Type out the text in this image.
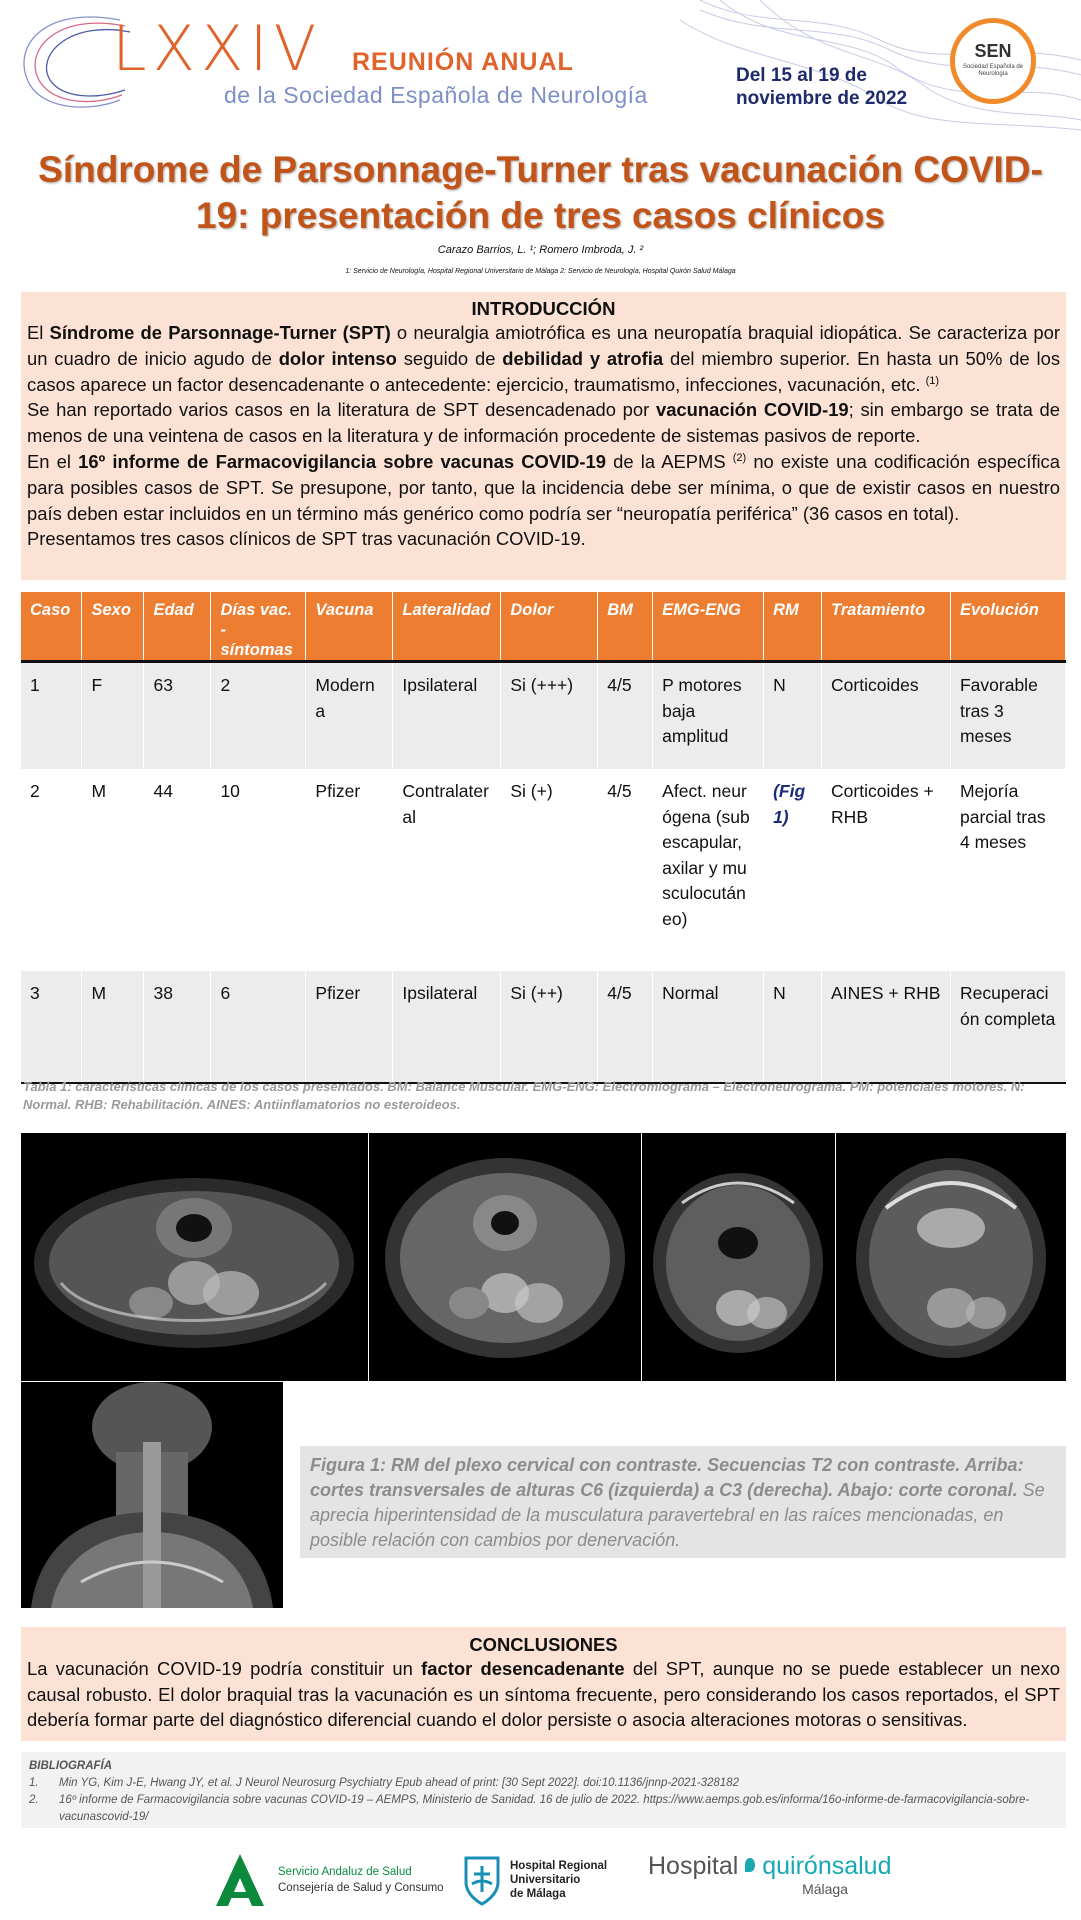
LXXIV REUNIÓN ANUAL
de la Sociedad Española de Neurología
Del 15 al 19 de
noviembre de 2022
SEN
Sociedad Española de Neurología
Síndrome de Parsonnage-Turner tras vacunación COVID-
19: presentación de tres casos clínicos
Carazo Barrios, L. ¹; Romero Imbroda, J. ²
1: Servicio de Neurología, Hospital Regional Universitario de Málaga 2: Servicio de Neurología, Hospital Quirón Salud Málaga
INTRODUCCIÓN

El Síndrome de Parsonnage-Turner (SPT) o neuralgia amiotrófica es una neuropatía braquial idiopática. Se caracteriza por un cuadro de inicio agudo de dolor intenso seguido de debilidad y atrofia del miembro superior. En hasta un 50% de los casos aparece un factor desencadenante o antecedente: ejercicio, traumatismo, infecciones, vacunación, etc. $^{(1)}$

Se han reportado varios casos en la literatura de SPT desencadenado por vacunación COVID-19; sin embargo se trata de menos de una veintena de casos en la literatura y de información procedente de sistemas pasivos de reporte.

En el 16º informe de Farmacovigilancia sobre vacunas COVID-19 de la AEPMS $^{(2)}$ no existe una codificación específica para posibles casos de SPT. Se presupone, por tanto, que la incidencia debe ser mínima, o que de existir casos en nuestro país deben estar incluidos en un término más genérico como podría ser “neuropatía periférica” (36 casos en total).

Presentamos tres casos clínicos de SPT tras vacunación COVID-19.

Caso	Sexo	Edad	Días vac. -síntomas	Vacuna	Lateralidad	Dolor	BM	EMG-ENG	RM	Tratamiento	Evolución
1	F	63	2	Moderna	Ipsilateral	Si (+++)	4/5	P motores baja amplitud	N	Corticoides	Favorable tras 3 meses
2	M	44	10	Pfizer	Contralateral	Si (+)	4/5	Afect. neurógena (subescapular, axilar y musculocutáneo)	(Fig 1)	Corticoides + RHB	Mejoría parcial tras 4 meses
3	M	38	6	Pfizer	Ipsilateral	Si (++)	4/5	Normal	N	AINES + RHB	Recuperación completa
Tabla 1: características clínicas de los casos presentados. BM: Balance Muscular. EMG-ENG: Electromiograma – Electroneurograma. PM: potenciales motores. N: Normal. RHB: Rehabilitación. AINES: Antiinflamatorios no esteroideos.
Figura 1: RM del plexo cervical con contraste. Secuencias T2 con contraste. Arriba: cortes transversales de alturas C6 (izquierda) a C3 (derecha). Abajo: corte coronal. Se aprecia hiperintensidad de la musculatura paravertebral en las raíces mencionadas, en posible relación con cambios por denervación.
CONCLUSIONES

La vacunación COVID-19 podría constituir un factor desencadenante del SPT, aunque no se puede establecer un nexo causal robusto. El dolor braquial tras la vacunación es un síntoma frecuente, pero considerando los casos reportados, el SPT debería formar parte del diagnóstico diferencial cuando el dolor persiste o asocia alteraciones motoras o sensitivas.

BIBLIOGRAFÍA
1.	Min YG, Kim J-E, Hwang JY, et al. J Neurol Neurosurg Psychiatry Epub ahead of print: [30 Sept 2022]. doi:10.1136/jnnp-2021-328182
2.	16º informe de Farmacovigilancia sobre vacunas COVID-19 – AEMPS, Ministerio de Sanidad. 16 de julio de 2022. https://www.aemps.gob.es/informa/16o-informe-de-farmacovigilancia-sobre-vacunascovid-19/
Servicio Andaluz de Salud
Consejería de Salud y Consumo
Hospital Regional
Universitario
de Málaga
Hospital quirónsalud
Málaga
